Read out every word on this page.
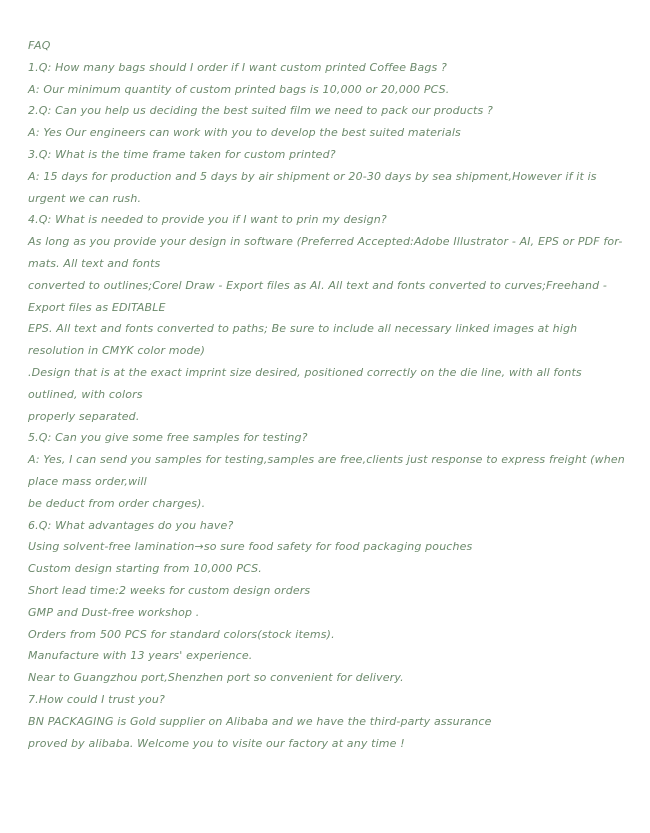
FAQ
1.Q: How many bags should I order if I want custom printed Coffee Bags ?
A: Our minimum quantity of custom printed bags is 10,000 or 20,000 PCS.
2.Q: Can you help us deciding the best suited film we need to pack our products ?
A: Yes Our engineers can work with you to develop the best suited materials
3.Q: What is the time frame taken for custom printed?
A: 15 days for production and 5 days by air shipment or 20-30 days by sea shipment,However if it is urgent we can rush.
4.Q: What is needed to provide you if I want to prin my design?
As long as you provide your design in software (Preferred Accepted:Adobe Illustrator - AI, EPS or PDF for- mats. All text and fonts
converted to outlines;Corel Draw - Export files as AI. All text and fonts converted to curves;Freehand - Export files as EDITABLE
EPS. All text and fonts converted to paths; Be sure to include all necessary linked images at high resolution in CMYK color mode)
.Design that is at the exact imprint size desired, positioned correctly on the die line, with all fonts outlined, with colors
properly separated.
5.Q: Can you give some free samples for testing?
A: Yes, I can send you samples for testing,samples are free,clients just response to express freight (when place mass order,will
be deduct from order charges).
6.Q: What advantages do you have?
Using solvent-free lamination→so sure food safety for food packaging pouches
Custom design starting from 10,000 PCS.
Short lead time:2 weeks for custom design orders
GMP and Dust-free workshop .
Orders from 500 PCS for standard colors(stock items).
Manufacture with 13 years' experience.
Near to Guangzhou port,Shenzhen port so convenient for delivery.
7.How could I trust you?
BN PACKAGING is Gold supplier on Alibaba and we have the third-party assurance
proved by alibaba. Welcome you to visite our factory at any time !
